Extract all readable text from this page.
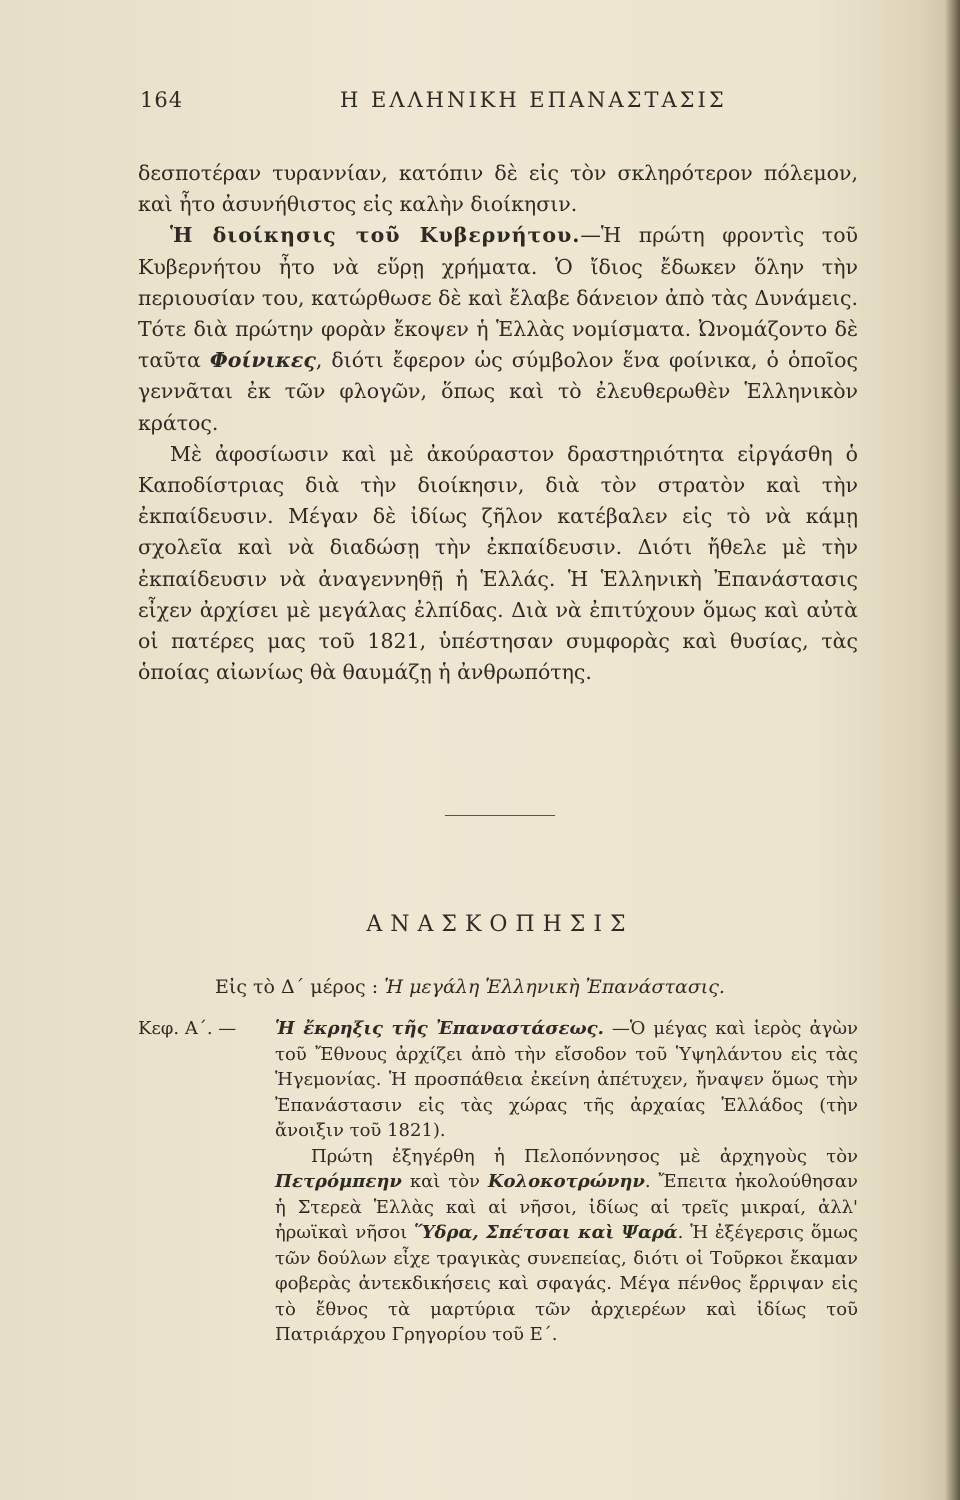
164	Η ΕΛΛΗΝΙΚΗ ΕΠΑΝΑΣΤΑΣΙΣ

δεσποτέραν τυραννίαν, κατόπιν δὲ εἰς τὸν σκληρότερον πόλεμον, καὶ ἦτο ἀσυνήθιστος εἰς καλὴν διοίκησιν.

Ἡ διοίκησις τοῦ Κυβερνήτου.—Ἡ πρώτη φροντὶς τοῦ Κυβερνήτου ἦτο νὰ εὕρῃ χρήματα. Ὁ ἴδιος ἔδωκεν ὅλην τὴν περιουσίαν του, κατώρθωσε δὲ καὶ ἔλαβε δάνειον ἀπὸ τὰς Δυνάμεις. Τότε διὰ πρώτην φορὰν ἔκοψεν ἡ Ἑλλὰς νομίσματα. Ὠνομάζοντο δὲ ταῦτα Φοίνικες, διότι ἔφερον ὡς σύμβολον ἕνα φοίνικα, ὁ ὁποῖος γεννᾶται ἐκ τῶν φλογῶν, ὅπως καὶ τὸ ἐλευθερωθὲν Ἑλληνικὸν κράτος.

Μὲ ἀφοσίωσιν καὶ μὲ ἀκούραστον δραστηριότητα εἰργάσθη ὁ Καποδίστριας διὰ τὴν διοίκησιν, διὰ τὸν στρατὸν καὶ τὴν ἐκπαίδευσιν. Μέγαν δὲ ἰδίως ζῆλον κατέβαλεν εἰς τὸ νὰ κάμῃ σχολεῖα καὶ νὰ διαδώσῃ τὴν ἐκπαίδευσιν. Διότι ἤθελε μὲ τὴν ἐκπαίδευσιν νὰ ἀναγεννηθῇ ἡ Ἑλλάς. Ἡ Ἑλληνικὴ Ἐπανάστασις εἶχεν ἀρχίσει μὲ μεγάλας ἐλπίδας. Διὰ νὰ ἐπιτύχουν ὅμως καὶ αὐτὰ οἱ πατέρες μας τοῦ 1821, ὑπέστησαν συμφορὰς καὶ θυσίας, τὰς ὁποίας αἰωνίως θὰ θαυμάζῃ ἡ ἀνθρωπότης.

ΑΝΑΣΚΟΠΗΣΙΣ
Εἰς τὸ Δ΄ μέρος : Ἡ μεγάλη Ἑλληνικὴ Ἐπανάστασις.
Κεφ. Α΄. —	Ἡ ἔκρηξις τῆς Ἐπαναστάσεως. —Ὁ μέγας καὶ ἱερὸς ἀγὼν τοῦ Ἔθνους ἀρχίζει ἀπὸ τὴν εἴσοδον τοῦ Ὑψηλάντου εἰς τὰς Ἡγεμονίας. Ἡ προσπάθεια ἐκείνη ἀπέτυχεν, ἤναψεν ὅμως τὴν Ἐπανάστασιν εἰς τὰς χώρας τῆς ἀρχαίας Ἑλλάδος (τὴν ἄνοιξιν τοῦ 1821).

Πρώτη ἐξηγέρθη ἡ Πελοπόννησος μὲ ἀρχηγοὺς τὸν Πετρόμπεην καὶ τὸν Κολοκοτρώνην. Ἔπειτα ἠκολούθησαν ἡ Στερεὰ Ἑλλὰς καὶ αἱ νῆσοι, ἰδίως αἱ τρεῖς μικραί, ἀλλ' ἡρωϊκαὶ νῆσοι Ὕδρα, Σπέτσαι καὶ Ψαρά. Ἡ ἐξέγερσις ὅμως τῶν δούλων εἶχε τραγικὰς συνεπείας, διότι οἱ Τοῦρκοι ἔκαμαν φοβερὰς ἀντεκδικήσεις καὶ σφαγάς. Μέγα πένθος ἔρριψαν εἰς τὸ ἔθνος τὰ μαρτύρια τῶν ἀρχιερέων καὶ ἰδίως τοῦ Πατριάρχου Γρηγορίου τοῦ Ε΄.
